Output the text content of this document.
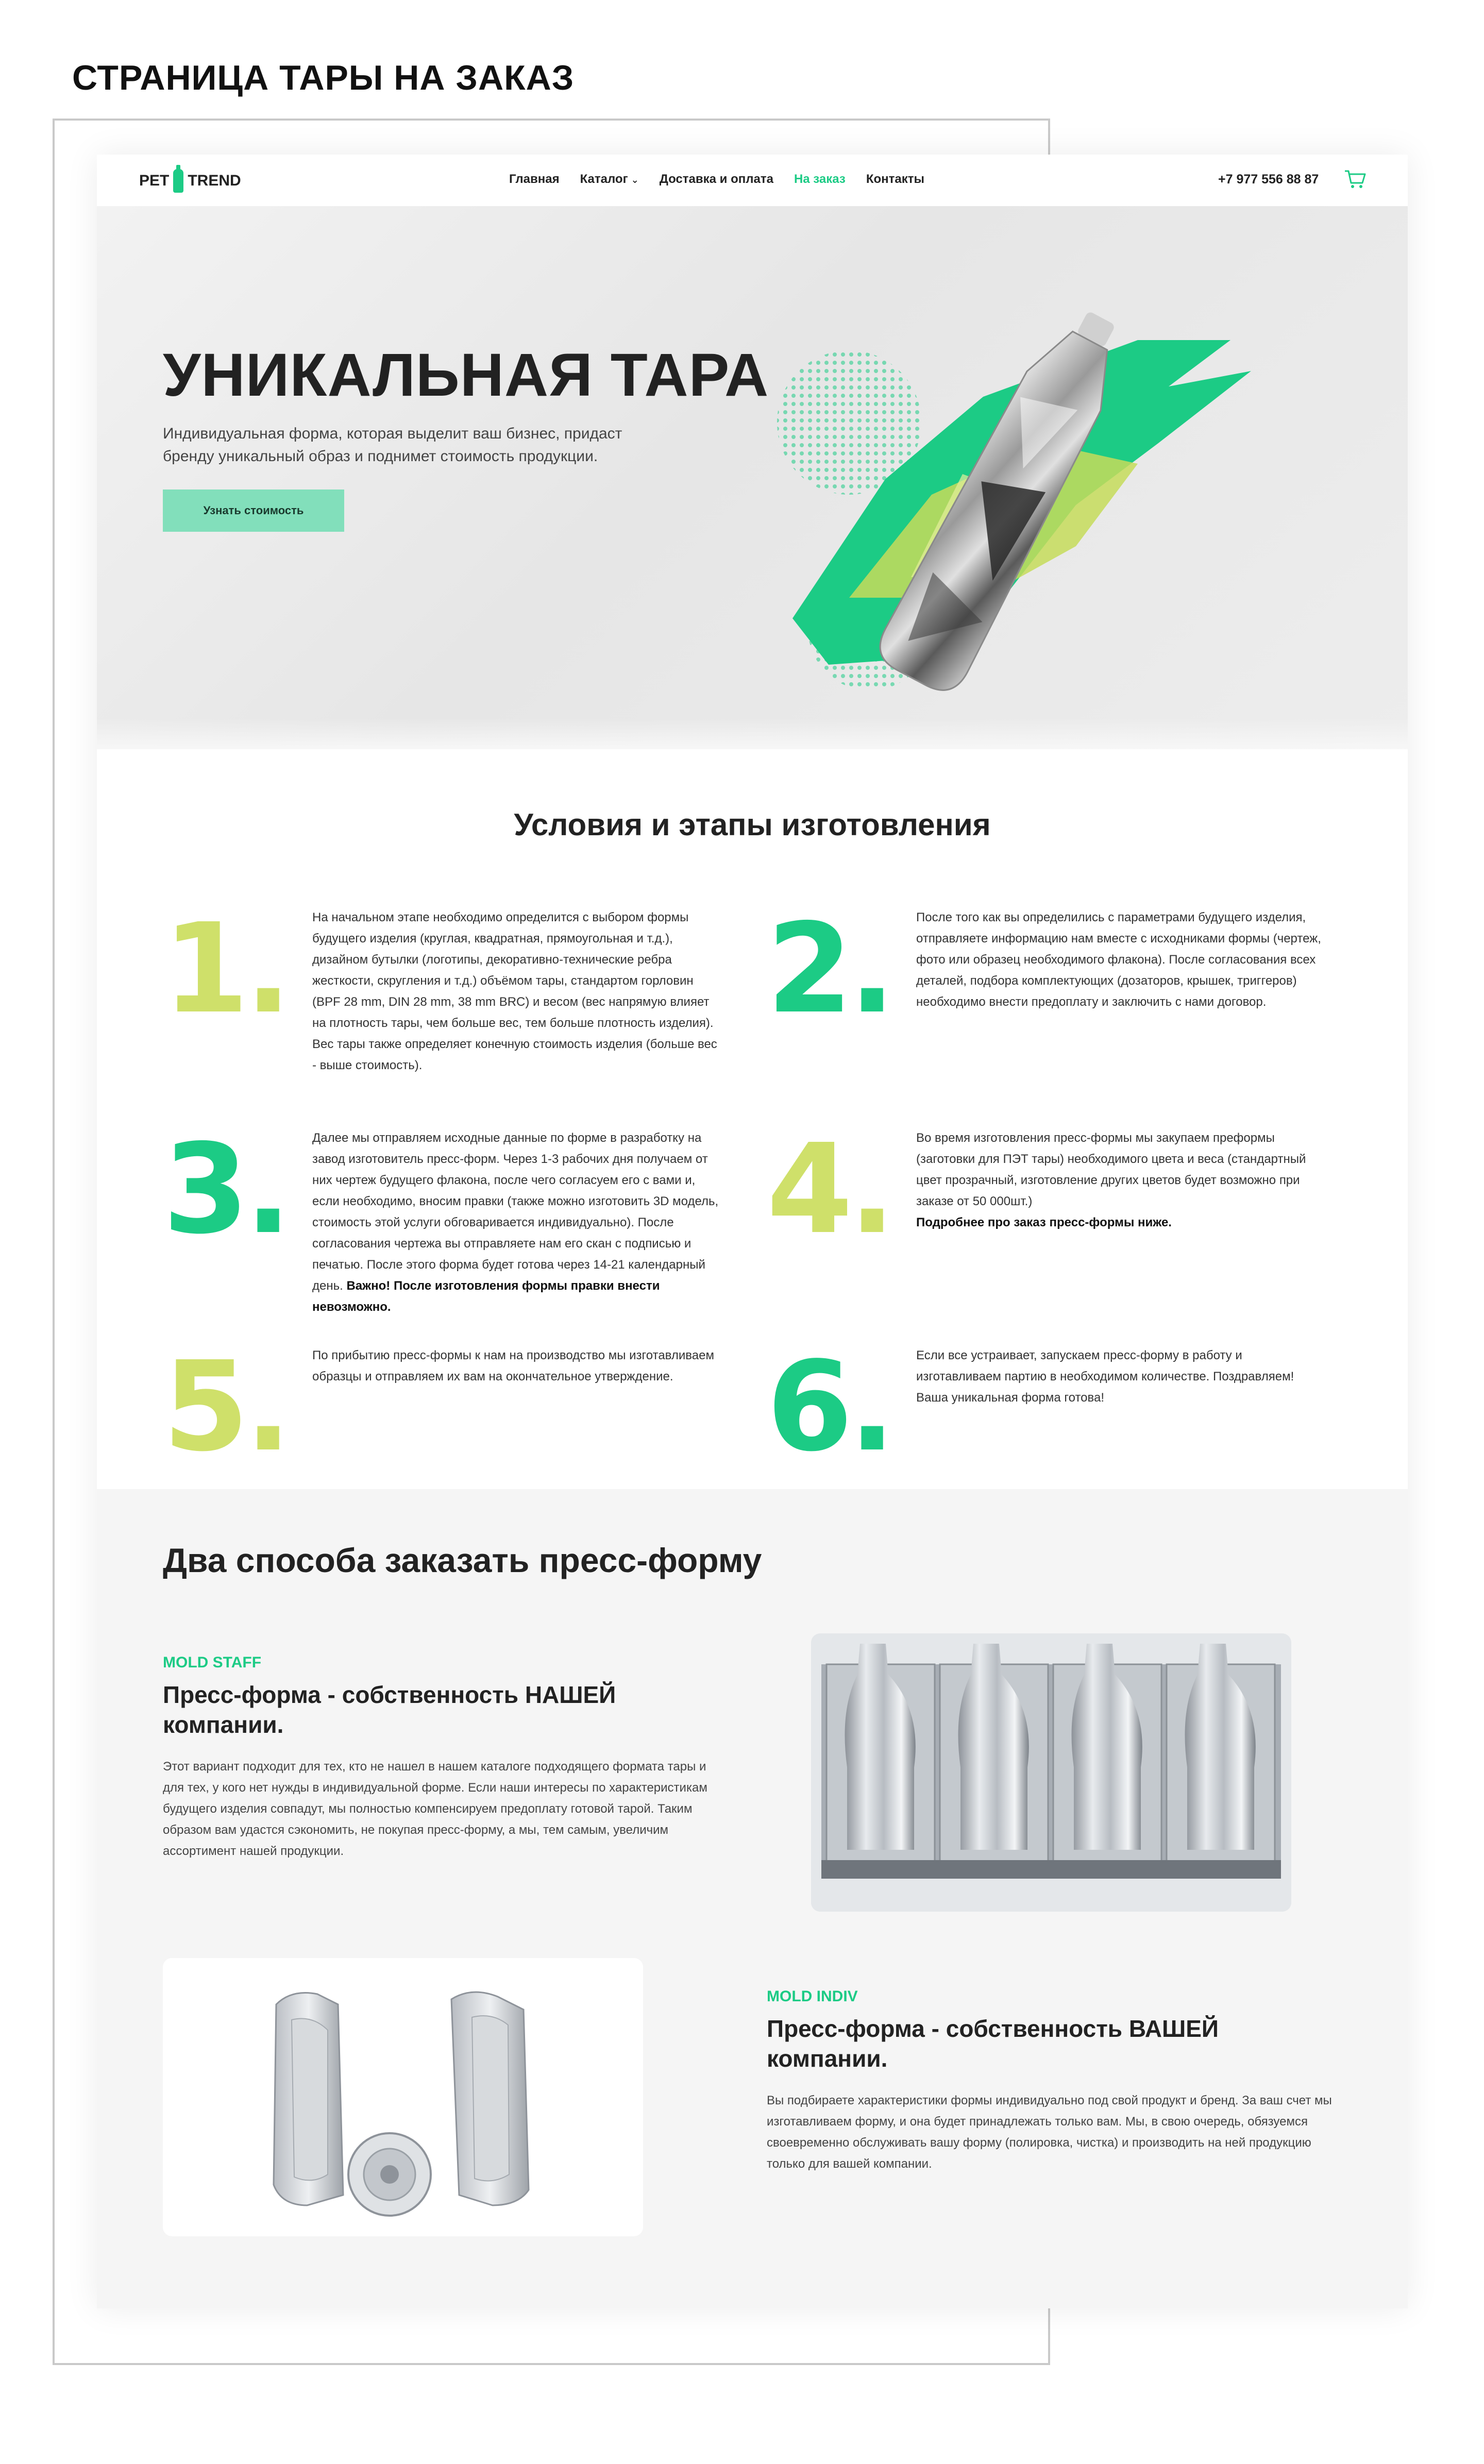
СТРАНИЦА ТАРЫ НА ЗАКАЗ
PET TREND	Главная Каталог ⌄ Доставка и оплата На заказ Контакты	+7 977 556 88 87
УНИКАЛЬНАЯ ТАРА

Индивидуальная форма, которая выделит ваш бизнес, придаст бренду уникальный образ и поднимет стоимость продукции.

Узнать стоимость
Условия и этапы изготовления
1. На начальном этапе необходимо определится с выбором формы будущего изделия (круглая, квадратная, прямоугольная и т.д.), дизайном бутылки (логотипы, декоративно-технические ребра жесткости, скругления и т.д.) объёмом тары, стандартом горловин (BPF 28 mm, DIN 28 mm, 38 mm BRC) и весом (вес напрямую влияет на плотность тары, чем больше вес, тем больше плотность изделия). Вес тары также определяет конечную стоимость изделия (больше вес - выше стоимость).

2. После того как вы определились с параметрами будущего изделия, отправляете информацию нам вместе с исходниками формы (чертеж, фото или образец необходимого флакона). После согласования всех деталей, подбора комплектующих (дозаторов, крышек, триггеров) необходимо внести предоплату и заключить с нами договор.

3. Далее мы отправляем исходные данные по форме в разработку на завод изготовитель пресс-форм. Через 1-3 рабочих дня получаем от них чертеж будущего флакона, после чего согласуем его с вами и, если необходимо, вносим правки (также можно изготовить 3D модель, стоимость этой услуги обговаривается индивидуально). После согласования чертежа вы отправляете нам его скан с подписью и печатью. После этого форма будет готова через 14-21 календарный день. Важно! После изготовления формы правки внести невозможно.

4. Во время изготовления пресс-формы мы закупаем преформы (заготовки для ПЭТ тары) необходимого цвета и веса (стандартный цвет прозрачный, изготовление других цветов будет возможно при заказе от 50 000шт.)
Подробнее про заказ пресс-формы ниже.

5. По прибытию пресс-формы к нам на производство мы изготавливаем образцы и отправляем их вам на окончательное утверждение. 6. Если все устраивает, запускаем пресс-форму в работу и изготавливаем партию в необходимом количестве. Поздравляем! Ваша уникальная форма готова!

Два способа заказать пресс-форму
MOLD STAFF
Пресс-форма - собственность НАШЕЙ компании.

Этот вариант подходит для тех, кто не нашел в нашем каталоге подходящего формата тары и для тех, у кого нет нужды в индивидуальной форме. Если наши интересы по характеристикам будущего изделия совпадут, мы полностью компенсируем предоплату готовой тарой. Таким образом вам удастся сэкономить, не покупая пресс-форму, а мы, тем самым, увеличим ассортимент нашей продукции.

MOLD INDIV
Пресс-форма - собственность ВАШЕЙ компании.

Вы подбираете характеристики формы индивидуально под свой продукт и бренд. За ваш счет мы изготавливаем форму, и она будет принадлежать только вам. Мы, в свою очередь, обязуемся своевременно обслуживать вашу форму (полировка, чистка) и производить на ней продукцию только для вашей компании.
